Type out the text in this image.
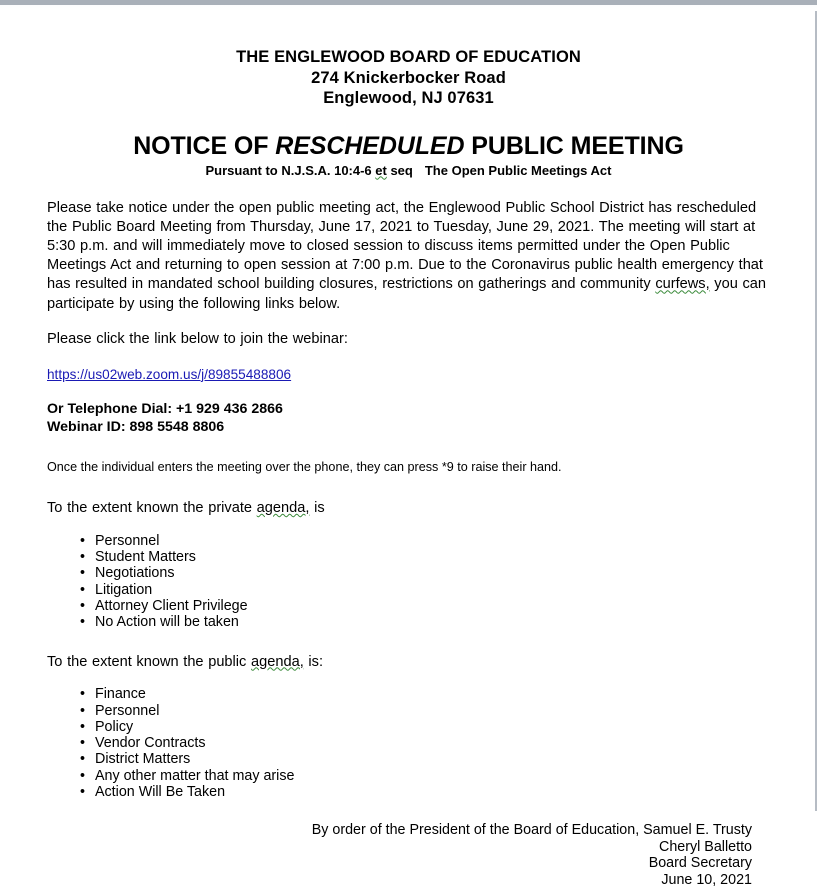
THE ENGLEWOOD BOARD OF EDUCATION
274 Knickerbocker Road
Englewood, NJ 07631
NOTICE OF RESCHEDULED PUBLIC MEETING
Pursuant to N.J.S.A. 10:4-6 et seq The Open Public Meetings Act

Please take notice under the open public meeting act, the Englewood Public School District has rescheduled the Public Board Meeting from Thursday, June 17, 2021 to Tuesday, June 29, 2021. The meeting will start at 5:30 p.m. and will immediately move to closed session to discuss items permitted under the Open Public Meetings Act and returning to open session at 7:00 p.m. Due to the Coronavirus public health emergency that has resulted in mandated school building closures, restrictions on gatherings and community curfews, you can participate by using the following links below.

Please click the link below to join the webinar:

https://us02web.zoom.us/j/89855488806
Or Telephone Dial: +1 929 436 2866
Webinar ID: 898 5548 8806

Once the individual enters the meeting over the phone, they can press *9 to raise their hand.

To the extent known the private agenda, is

• Personnel
• Student Matters
• Negotiations
• Litigation
• Attorney Client Privilege
• No Action will be taken

To the extent known the public agenda, is:

• Finance
• Personnel
• Policy
• Vendor Contracts
• District Matters
• Any other matter that may arise
• Action Will Be Taken
By order of the President of the Board of Education, Samuel E. Trusty
Cheryl Balletto
Board Secretary
June 10, 2021
